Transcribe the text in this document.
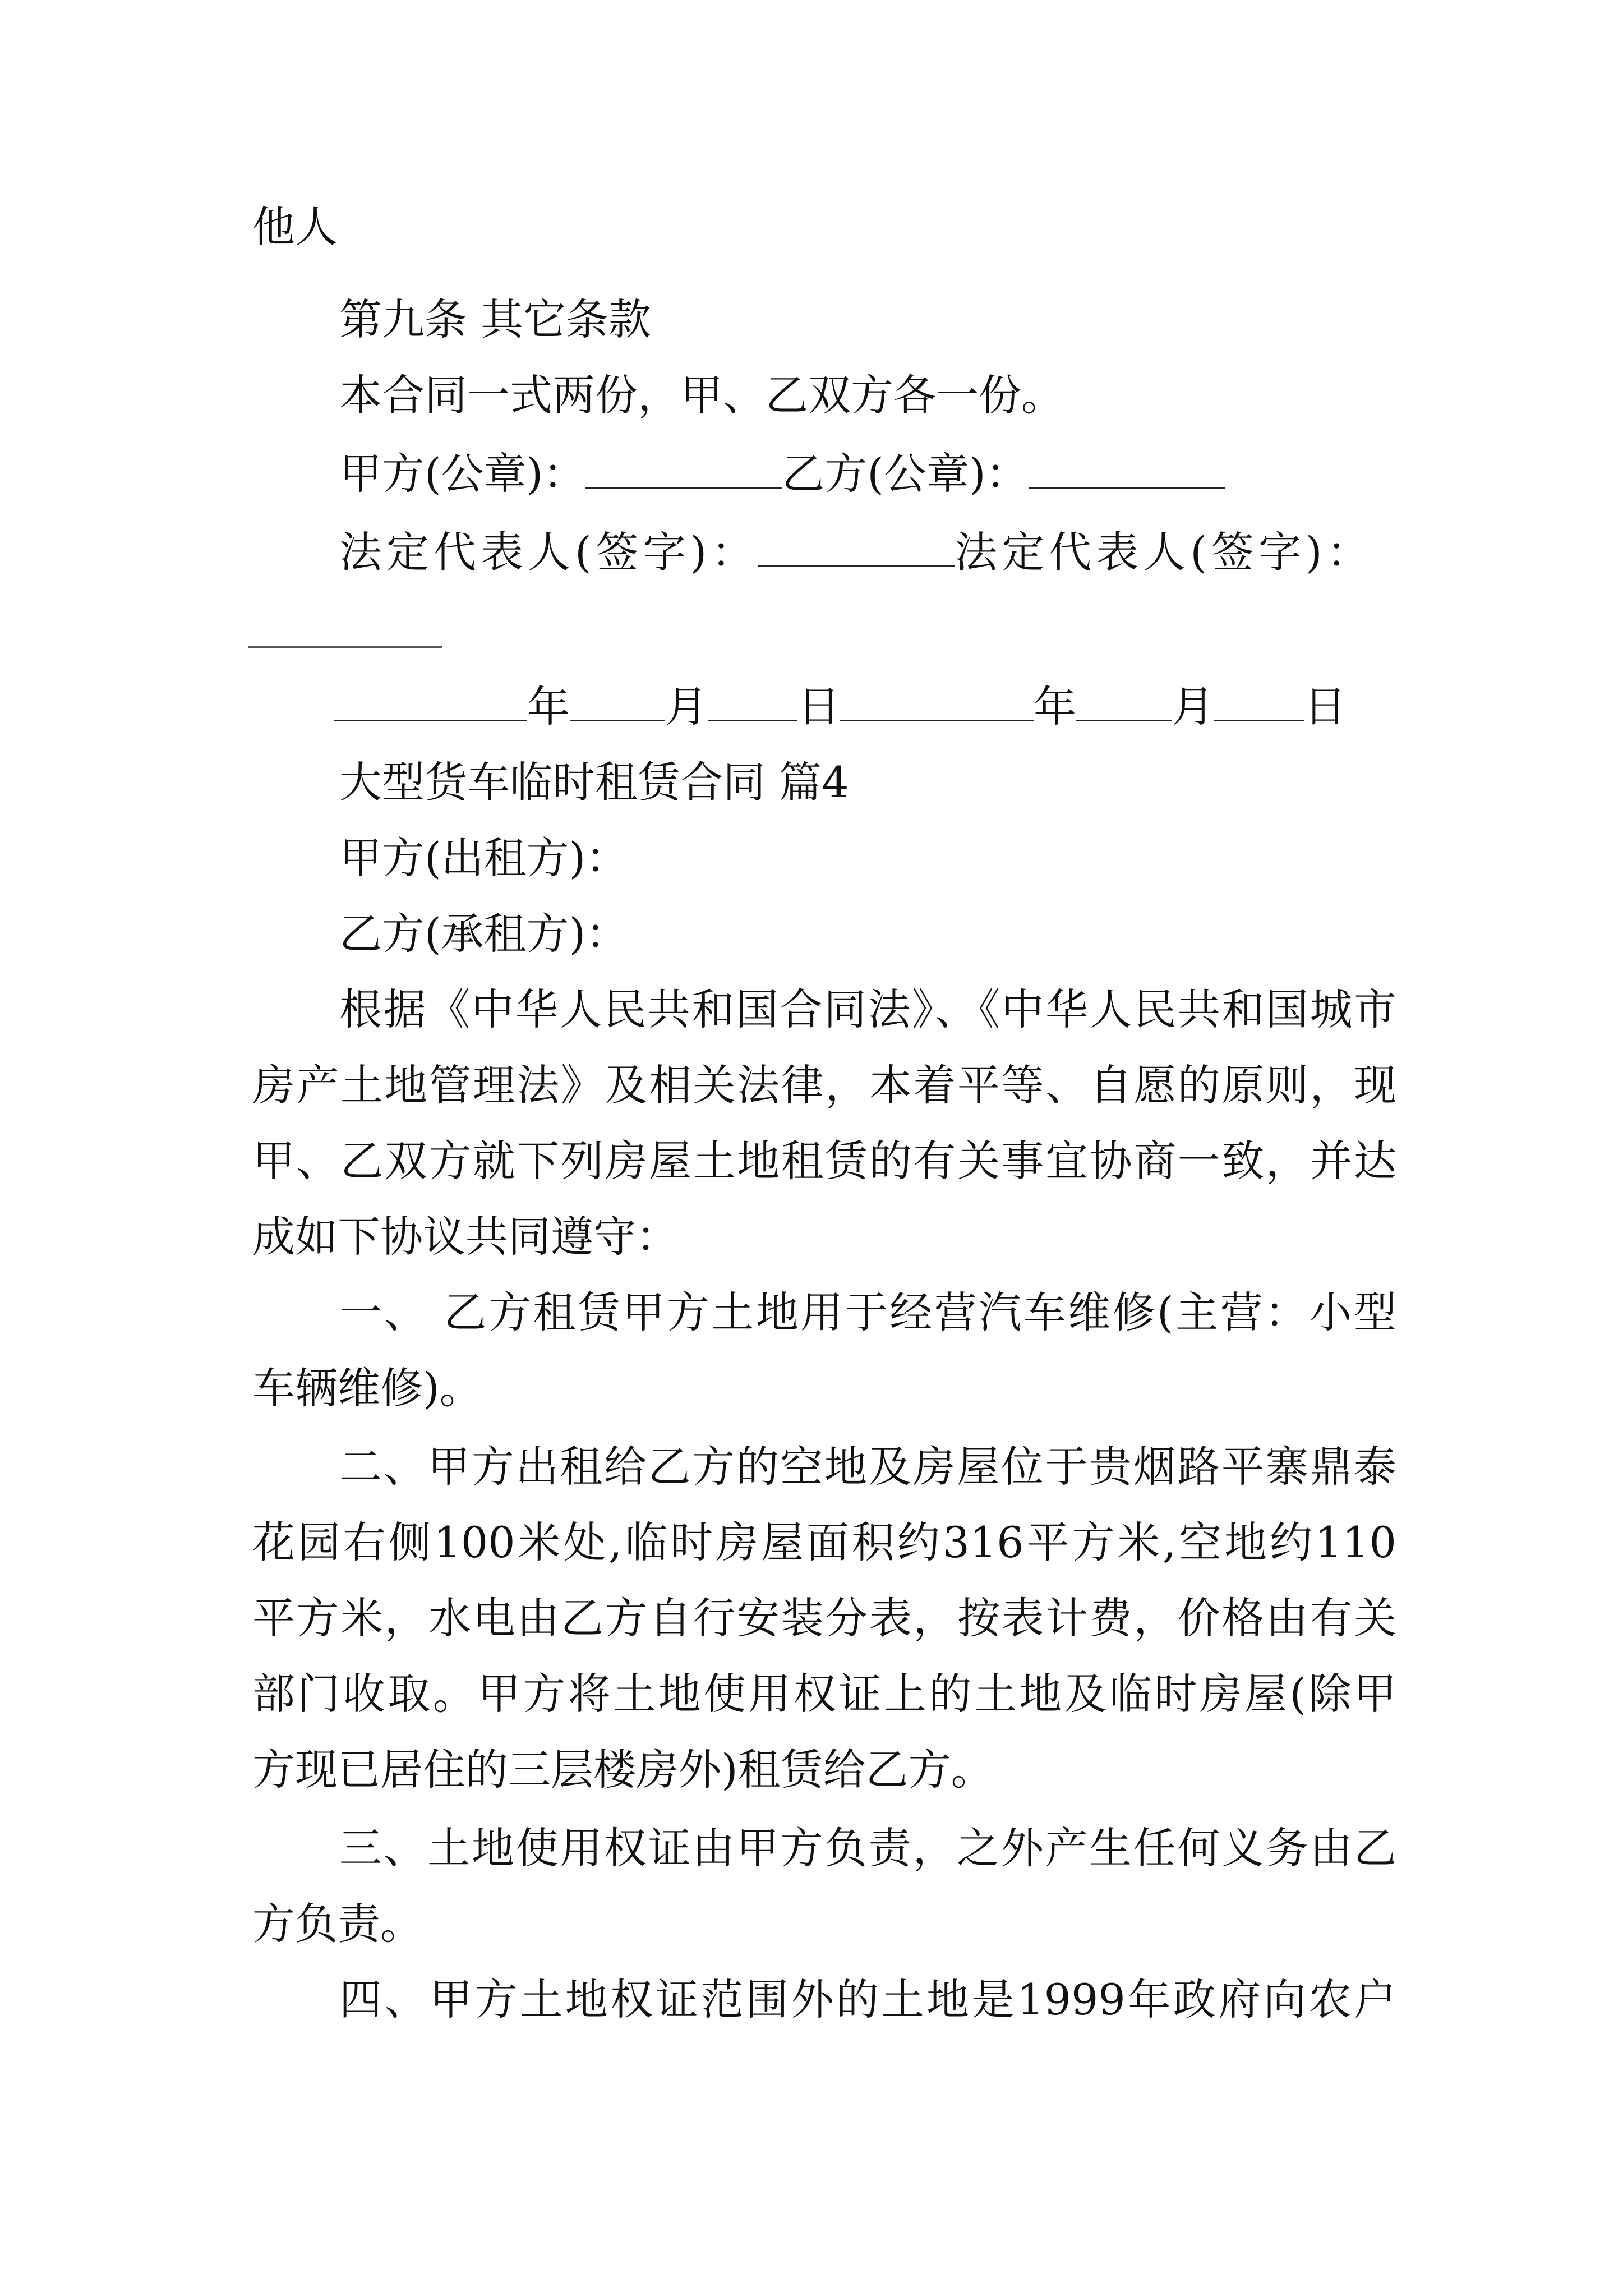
他人
第九条 其它条款
本合同一式两份，甲、乙双方各一份。
甲方(公章)：	乙方(公章)：
法定代表人(签字)：	法定代表人(签字)：
年 月 日	年 月 日
大型货车临时租赁合同 篇4
甲方(出租方)：
乙方(承租方)：
根据《中华人民共和国合同法》、《中华人民共和国城市
房产土地管理法》及相关法律，本着平等、自愿的原则，现
甲、乙双方就下列房屋土地租赁的有关事宜协商一致，并达
成如下协议共同遵守：
一、 乙方租赁甲方土地用于经营汽车维修(主营：小型
车辆维修)。
二、甲方出租给乙方的空地及房屋位于贵烟路平寨鼎泰
花园右侧100米处,临时房屋面积约316平方米,空地约110
平方米，水电由乙方自行安装分表，按表计费，价格由有关
部门收取。甲方将土地使用权证上的土地及临时房屋(除甲
方现已居住的三层楼房外)租赁给乙方。
三、土地使用权证由甲方负责，之外产生任何义务由乙
方负责。
四、甲方土地权证范围外的土地是1999年政府向农户
